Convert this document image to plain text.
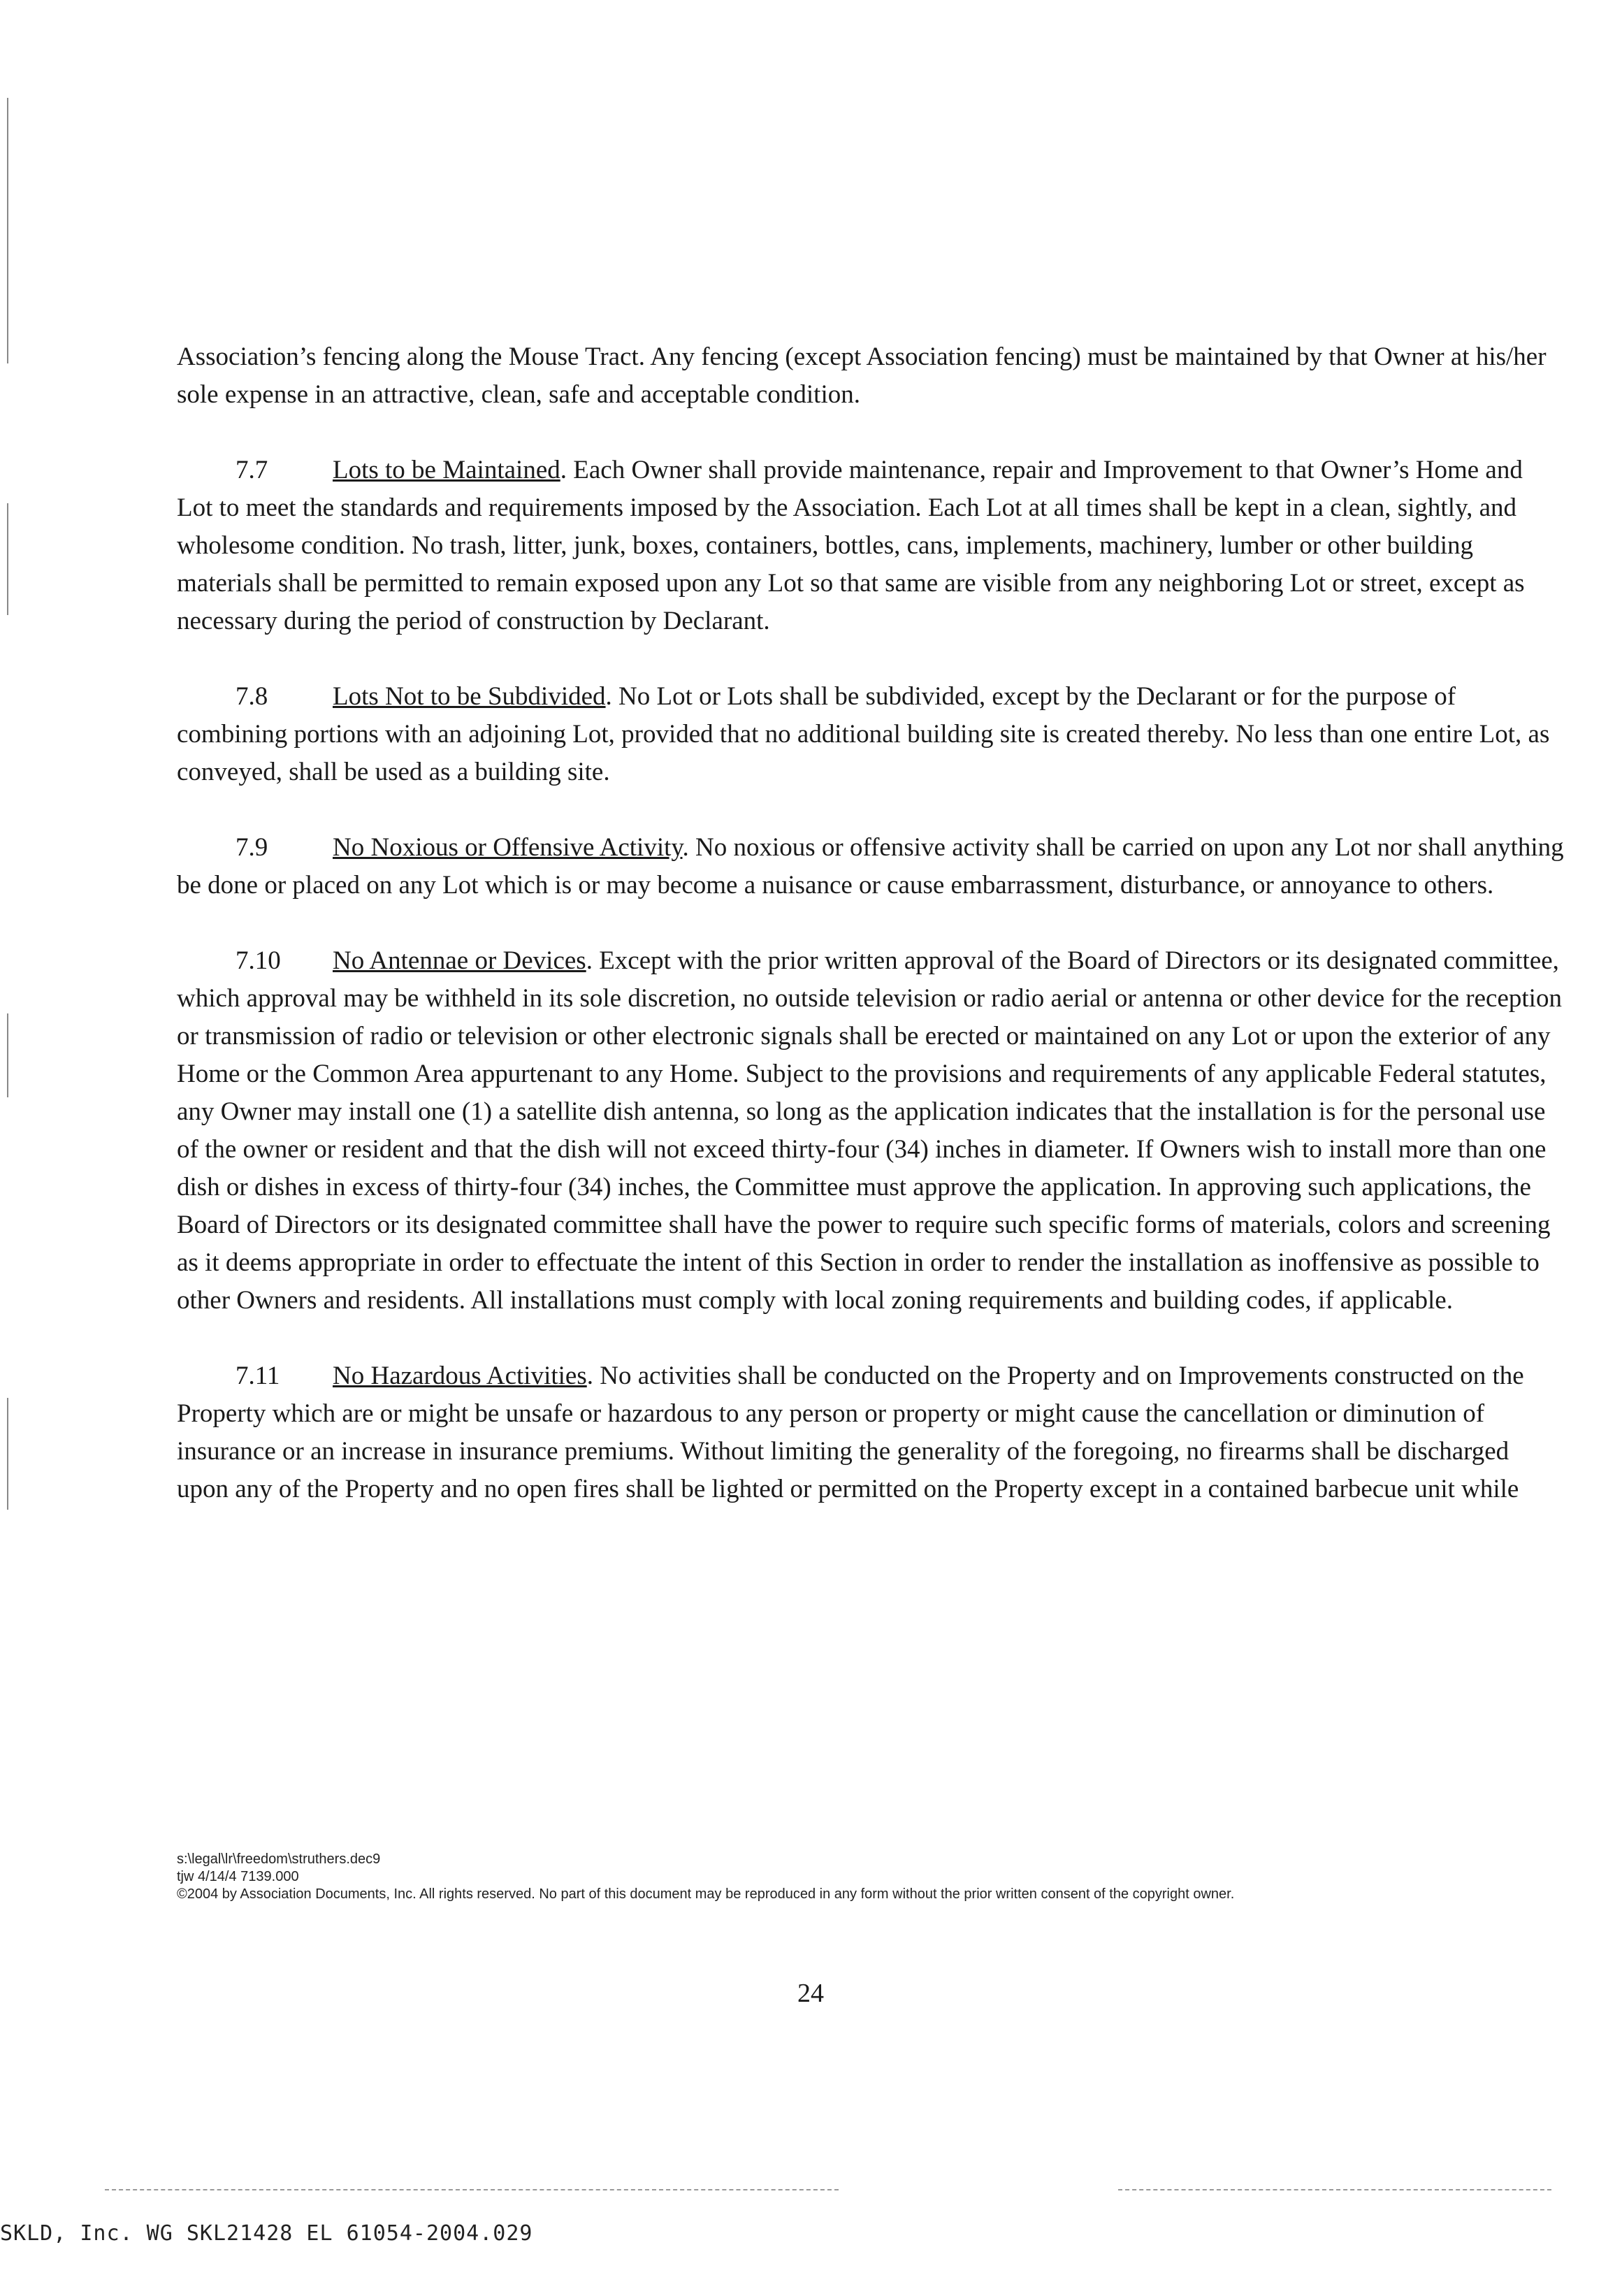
Association’s fencing along the Mouse Tract. Any fencing (except Association fencing) must be maintained by that Owner at his/her sole expense in an attractive, clean, safe and acceptable condition.

7.7	Lots to be Maintained. Each Owner shall provide maintenance, repair and Improvement to that Owner’s Home and Lot to meet the standards and requirements imposed by the Association. Each Lot at all times shall be kept in a clean, sightly, and wholesome condition. No trash, litter, junk, boxes, containers, bottles, cans, implements, machinery, lumber or other building materials shall be permitted to remain exposed upon any Lot so that same are visible from any neighboring Lot or street, except as necessary during the period of construction by Declarant.

7.8	Lots Not to be Subdivided. No Lot or Lots shall be subdivided, except by the Declarant or for the purpose of combining portions with an adjoining Lot, provided that no additional building site is created thereby. No less than one entire Lot, as conveyed, shall be used as a building site.

7.9	No Noxious or Offensive Activity. No noxious or offensive activity shall be carried on upon any Lot nor shall anything be done or placed on any Lot which is or may become a nuisance or cause embarrassment, disturbance, or annoyance to others.

7.10 No Antennae or Devices. Except with the prior written approval of the Board of Directors or its designated committee, which approval may be withheld in its sole discretion, no outside television or radio aerial or antenna or other device for the reception or transmission of radio or television or other electronic signals shall be erected or maintained on any Lot or upon the exterior of any Home or the Common Area appurtenant to any Home. Subject to the provisions and requirements of any applicable Federal statutes, any Owner may install one (1) a satellite dish antenna, so long as the application indicates that the installation is for the personal use of the owner or resident and that the dish will not exceed thirty-four (34) inches in diameter. If Owners wish to install more than one dish or dishes in excess of thirty-four (34) inches, the Committee must approve the application. In approving such applications, the Board of Directors or its designated committee shall have the power to require such specific forms of materials, colors and screening as it deems appropriate in order to effectuate the intent of this Section in order to render the installation as inoffensive as possible to other Owners and residents. All installations must comply with local zoning requirements and building codes, if applicable.

7.11 No Hazardous Activities. No activities shall be conducted on the Property and on Improvements constructed on the Property which are or might be unsafe or hazardous to any person or property or might cause the cancellation or diminution of insurance or an increase in insurance premiums. Without limiting the generality of the foregoing, no firearms shall be discharged upon any of the Property and no open fires shall be lighted or permitted on the Property except in a contained barbecue unit while

s:\legal\lr\freedom\struthers.dec9
tjw 4/14/4 7139.000
©2004 by Association Documents, Inc. All rights reserved. No part of this document may be reproduced in any form without the prior written consent of the copyright owner.
24
SKLD, Inc. WG SKL21428 EL 61054-2004.029
